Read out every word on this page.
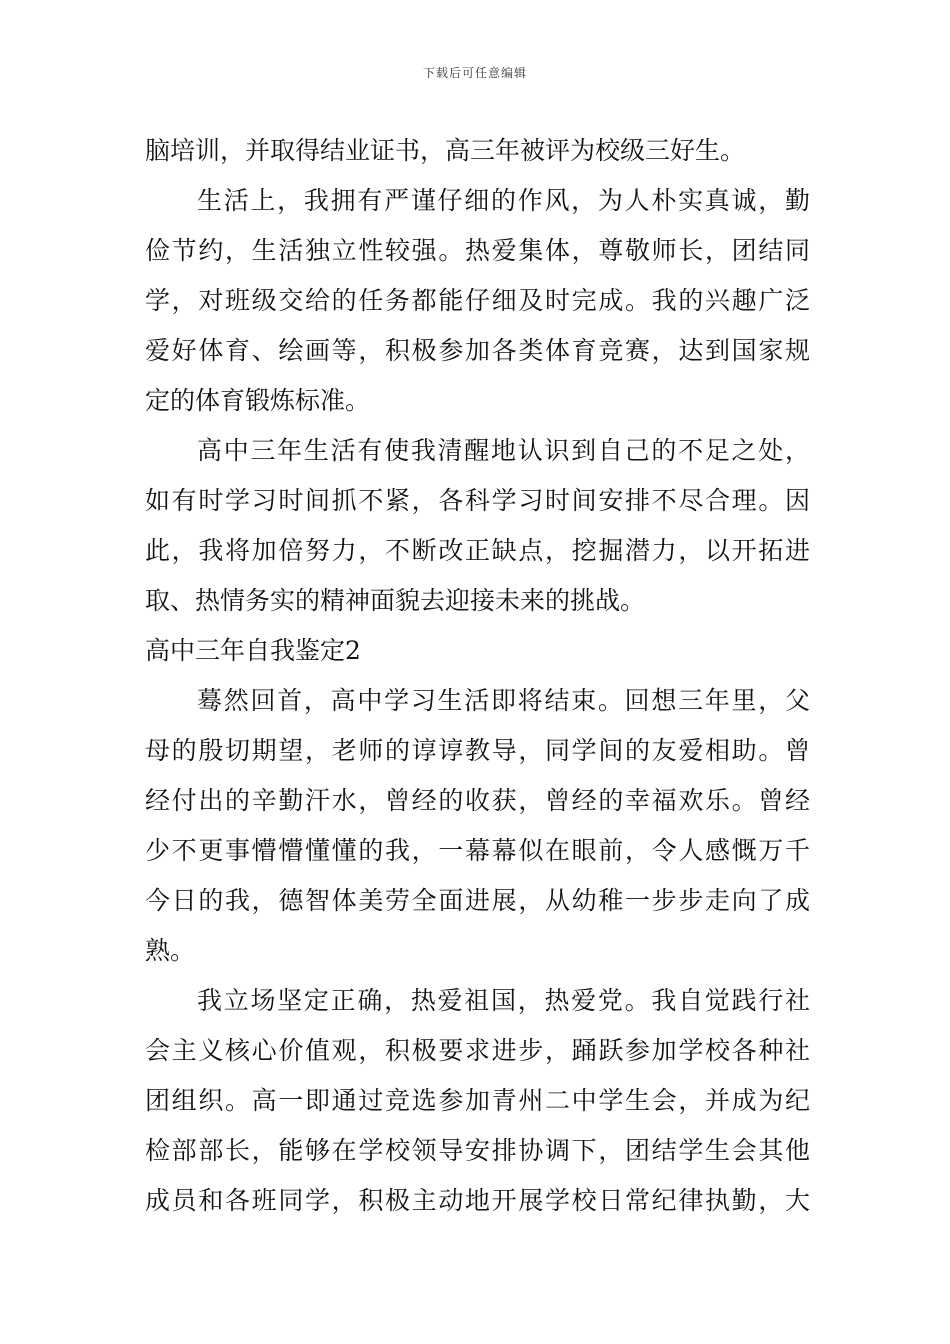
下载后可任意编辑
脑培训，并取得结业证书，高三年被评为校级三好生。
生活上，我拥有严谨仔细的作风，为人朴实真诚，勤
俭节约，生活独立性较强。热爱集体，尊敬师长，团结同
学，对班级交给的任务都能仔细及时完成。我的兴趣广泛
爱好体育、绘画等，积极参加各类体育竞赛，达到国家规
定的体育锻炼标准。
高中三年生活有使我清醒地认识到自己的不足之处，
如有时学习时间抓不紧，各科学习时间安排不尽合理。因
此，我将加倍努力，不断改正缺点，挖掘潜力，以开拓进
取、热情务实的精神面貌去迎接未来的挑战。
高中三年自我鉴定2
蓦然回首，高中学习生活即将结束。回想三年里，父
母的殷切期望，老师的谆谆教导，同学间的友爱相助。曾
经付出的辛勤汗水，曾经的收获，曾经的幸福欢乐。曾经
少不更事懵懵懂懂的我，一幕幕似在眼前，令人感慨万千
今日的我，德智体美劳全面进展，从幼稚一步步走向了成
熟。
我立场坚定正确，热爱祖国，热爱党。我自觉践行社
会主义核心价值观，积极要求进步，踊跃参加学校各种社
团组织。高一即通过竞选参加青州二中学生会，并成为纪
检部部长，能够在学校领导安排协调下，团结学生会其他
成员和各班同学，积极主动地开展学校日常纪律执勤，大
